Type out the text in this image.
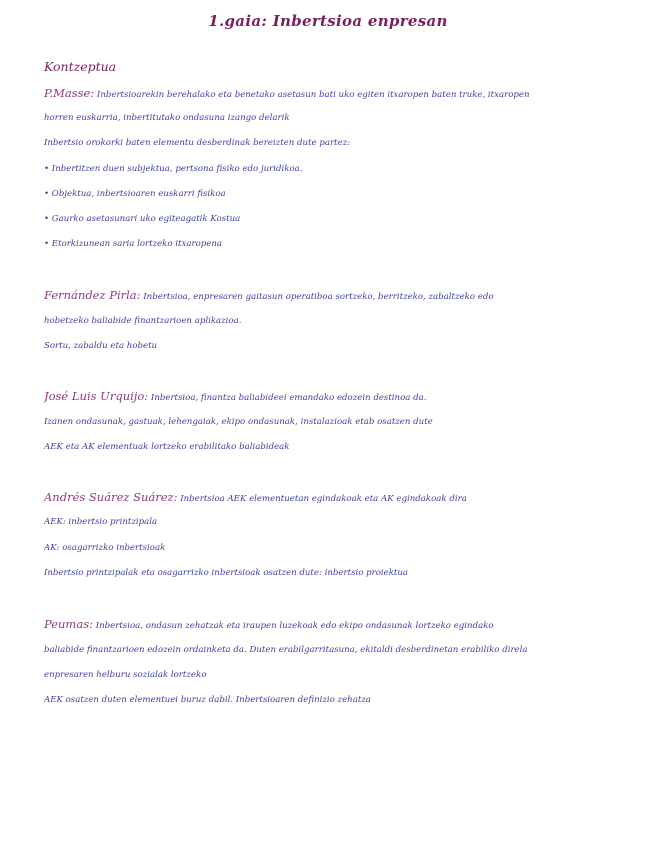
1.gaia: Inbertsioa enpresan
Kontzeptua
P.Masse: Inbertsioarekin berehalako eta benetako asetasun bati uko egiten itxaropen baten truke, itxaropen
horren euskarria, inbertitutako ondasuna izango delarik
Inbertsio orokorki baten elementu desberdinak bereizten dute partez:
• Inbertitzen duen subjektua, pertsona fisiko edo juridikoa.
• Objektua, inbertsioaren euskarri fisikoa
• Gaurko asetasunari uko egiteagatik Kostua
• Etorkizunean sariа lortzeko itxaropena
Fernández Pirla: Inbertsioa, enpresaren gaitasun operatiboa sortzeko, berritzeko, zabaltzeko edo
hobetzeko baliabide finantzarioen aplikazioa.
Sortu, zabaldu eta hobetu
José Luis Urquijo: Inbertsioa, finantza baliabideei emandako edozein destinoa da.
Izanen ondasunak, gastuak, lehengaiak, ekipo ondasunak, instalazioak etab osatzen dute
AEK eta AK elementuak lortzeko erabilitako baliabideak
Andrés Suárez Suárez: Inbertsioa AEK elementuetan egindakoak eta AK egindakoak dira
AEK: inbertsio printzipala
AK: osagarrizko inbertsioak
Inbertsio printzipalak eta osagarrizko inbertsioak osatzen dute: inbertsio proiektua
Peumas: Inbertsioa, ondasun zehatzak eta iraupen luzekoak edo ekipo ondasunak lortzeko egindako
baliabide finantzarioen edozein ordainketa da. Duten erabilgarritasuna, ekitaldi desberdinetan erabiliko direla
enpresaren helburu sozialak lortzeko
AEK osatzen duten elementuei buruz dabil. Inbertsioaren definizio zehatza
